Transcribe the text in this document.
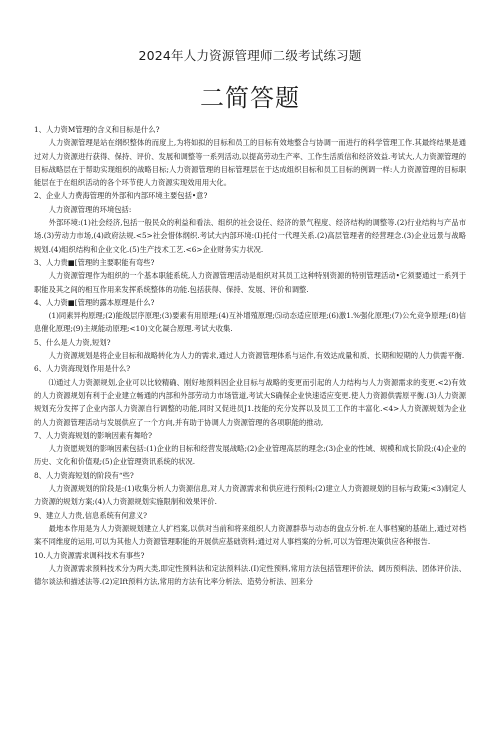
2024年人力资源管理师二级考试练习题
二简答题

1、人力资M管理的含义和目标是什么?

人力资源管理是站在纲织整体的而度上,为将如拟的目标和员工的目标有效地整合与协调一而进行的科学管理工作.其最终结果是通过对人力资源进行获得、保持、评价、发展和调整等一系列活动,以提高劳动生产率、工作生活质信和经济效益.考试大,人力资源管理的目标战略层在于帮助实现组织的战略目标;人力资源管理的目标管理层在于达成组织目标和员工目标的例调一样:人力资源管理的目标职能层在于在组织活动的各个环节使人力资源实现效用用大化。

2、企业人力费海管理的外部和内部环境主要包括•意?

人力资源管理的环境包括:

外部环境:(1)社会经济,包括一般民众的利益和看法、组织的社会设任、经济的景气程度、经济结构的调整等.(2)行业结构与产品市场.(3)劳动力市场,(4)政府法规.<5>社会惜体纲织.考试大内部环境:(I)托付一代理关系.(2)高层管理者的经营理念.(3)企业远景与战略规划.(4)组织结构和企业文化.(5)生产技术工艺.<6>企业财务实力状况.

3、人力贵■[管理的主要职能有弯些?

人力资源管理作为组织的一个基本职能系统,人力资源管理活动是组织对其员工这种特别资源的特别管理活动•它须要通过一系列于职能及其之间的相互作用来发挥系统整体的功能.包括获得、保持、发展、评价和调整.

4、人力资■[管理的露本原理是什么?

(1)同素异构原理;(2)能级层序原理;(3)要素有用原理;(4)互补增殖原理;⑸动态适应原理;(6)激1.%强化原理;(7)公允竞争原理;(8)信息催化原理;(9)主规能动原理;<10)文化凝合原理.考试大收集.

5、什么是人力资,短划?

人力资源规划是将企业目标和战略转化为人力的需求,通过人力资源管理体系与运作,有效达成量和质、长期和短期的人力供需平衡.

6、人力资海现划作用是什么?

⑴通过人力资源规划,企业可以比较精确、刚好地预料因企业目标与战略的变更而引起的人力结构与人力资源需求的变更.<2)有效的人力资源规划有利于企业建立畅通的内部和外部劳动力市场管道,考试大S确保企业快速适应变更.使人力资源供需原平衡.(3)人力资源规划充分发挥了企业内部人力资源自行调整的功能,同时又促进员J1.技能的充分发挥以及员工工作的丰富化.<4>人力资源规划为企业的人力资源管理活动与发展供应了一个方向,并有助于协调人力资源管理的各项职能的推动,

7、人力资海规划的影响因素有舞哈?

人力资愿规划的影响因素包括:(1)企业的目标和经营发展战略;(2)企业管理高层的理念;(3)企业的性域、规模和成长阶段;(4)企业的历史、文化和价值观;(5)企业管理资讯系统的状况.

8、人力资海短划的阶段有“些?

人力资源规划的阶段是:(1)收集分析人力资源信息,对人力资源需求和供应进行预料;(2)建立人力资源规划的目标与政策;<3)制定人力资源的规划方案;(4)人力资源规划实施限制和效果评价.

9、建立人力贵,信息系统有何意义?

最地本作用是为人力资源规划建立人扩档案,以供对当前和将来组织人力资源群恭与动态的盘点分析.在人事档窠的基础上,通过对档案不同维度的运用,可以为其他人力资源管理职能的开展供应基础资料;通过对人事档案的分析,可以为管理决策供应各种报告.

10.人力资源需求调科技术有事些?

人力资源需求预料技术分为两大类,即定性预料法和定法预料法.(I)定性预料,常用方法包括管理评价法、阔历预料法、团体评价法、德尔谈法和描述法等.(2)定Ift预料方法,常用的方法有比率分析法、造势分析法、回来分
